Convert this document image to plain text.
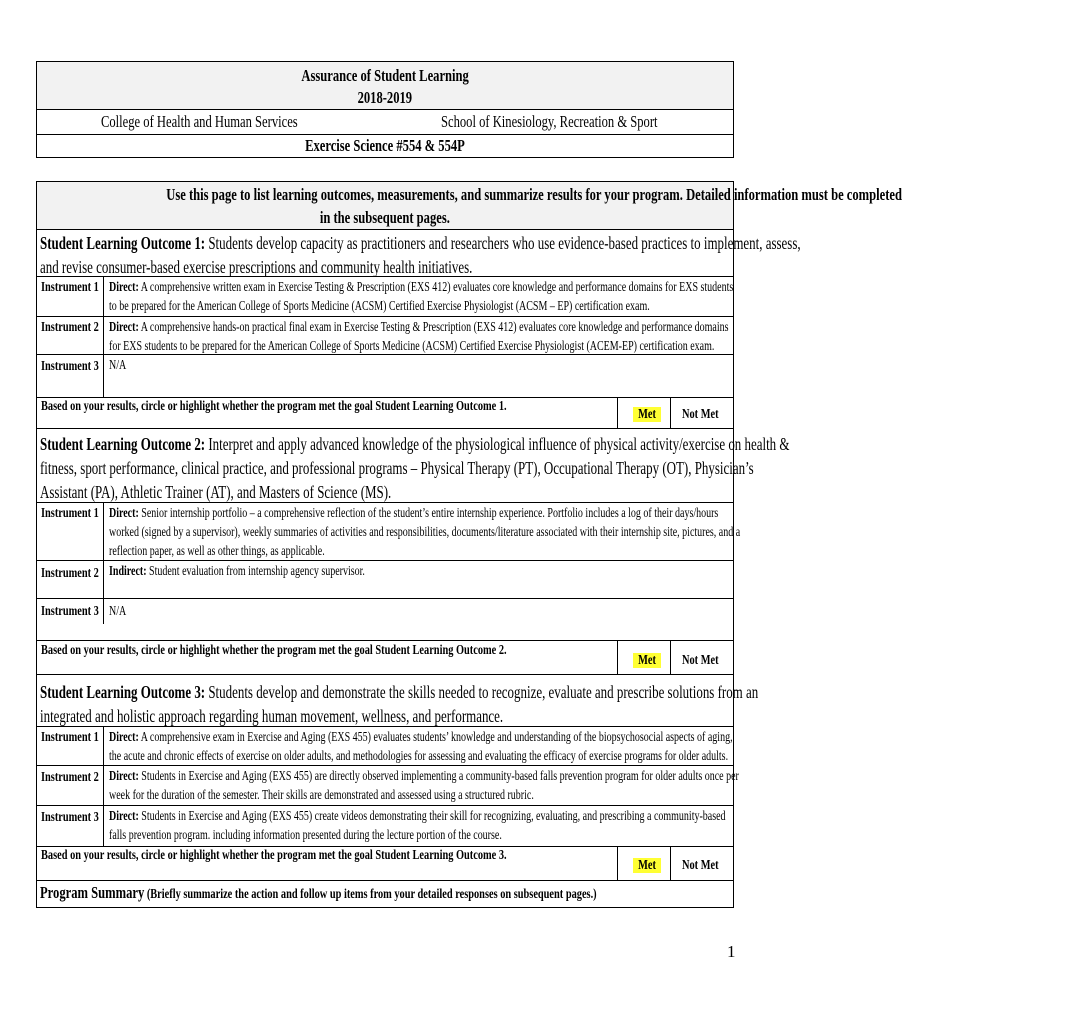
Assurance of Student Learning
2018-2019
College of Health and Human Services	School of Kinesiology, Recreation & Sport
Exercise Science #554 & 554P
Use this page to list learning outcomes, measurements, and summarize results for your program. Detailed information must be completed
in the subsequent pages.
Student Learning Outcome 1: Students develop capacity as practitioners and researchers who use evidence-based practices to implement, assess,
and revise consumer-based exercise prescriptions and community health initiatives.
Instrument 1 Direct: A comprehensive written exam in Exercise Testing & Prescription (EXS 412) evaluates core knowledge and performance domains for EXS students
to be prepared for the American College of Sports Medicine (ACSM) Certified Exercise Physiologist (ACSM – EP) certification exam.
Instrument 2 Direct: A comprehensive hands-on practical final exam in Exercise Testing & Prescription (EXS 412) evaluates core knowledge and performance domains
for EXS students to be prepared for the American College of Sports Medicine (ACSM) Certified Exercise Physiologist (ACEM-EP) certification exam.
Instrument 3 N/A
Based on your results, circle or highlight whether the program met the goal Student Learning Outcome 1.
Met	Not Met
Student Learning Outcome 2: Interpret and apply advanced knowledge of the physiological influence of physical activity/exercise on health &
fitness, sport performance, clinical practice, and professional programs – Physical Therapy (PT), Occupational Therapy (OT), Physician’s
Assistant (PA), Athletic Trainer (AT), and Masters of Science (MS).
Instrument 1 Direct: Senior internship portfolio – a comprehensive reflection of the student’s entire internship experience. Portfolio includes a log of their days/hours
worked (signed by a supervisor), weekly summaries of activities and responsibilities, documents/literature associated with their internship site, pictures, and a
reflection paper, as well as other things, as applicable.
Instrument 2 Indirect: Student evaluation from internship agency supervisor.
Instrument 3 N/A
Based on your results, circle or highlight whether the program met the goal Student Learning Outcome 2.
Met	Not Met
Student Learning Outcome 3: Students develop and demonstrate the skills needed to recognize, evaluate and prescribe solutions from an
integrated and holistic approach regarding human movement, wellness, and performance.
Instrument 1 Direct: A comprehensive exam in Exercise and Aging (EXS 455) evaluates students’ knowledge and understanding of the biopsychosocial aspects of aging,
the acute and chronic effects of exercise on older adults, and methodologies for assessing and evaluating the efficacy of exercise programs for older adults.
Instrument 2 Direct: Students in Exercise and Aging (EXS 455) are directly observed implementing a community-based falls prevention program for older adults once per
week for the duration of the semester. Their skills are demonstrated and assessed using a structured rubric.
Instrument 3 Direct: Students in Exercise and Aging (EXS 455) create videos demonstrating their skill for recognizing, evaluating, and prescribing a community-based
falls prevention program. including information presented during the lecture portion of the course.
Based on your results, circle or highlight whether the program met the goal Student Learning Outcome 3.
Met	Not Met
Program Summary (Briefly summarize the action and follow up items from your detailed responses on subsequent pages.)
1
